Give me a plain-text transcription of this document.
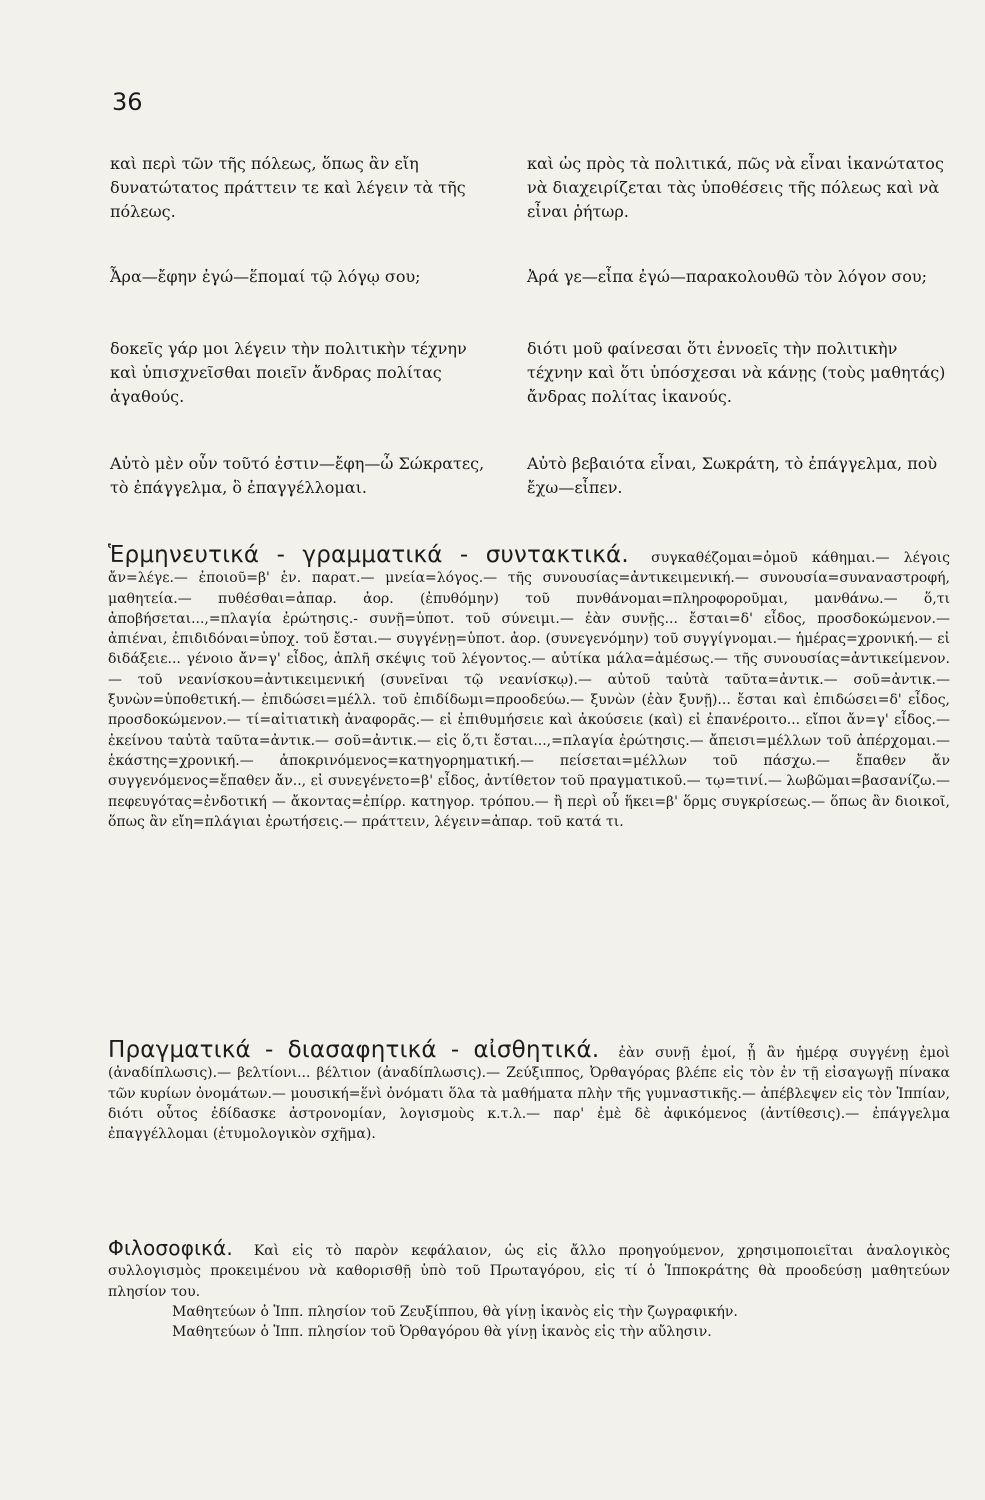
36
καὶ περὶ τῶν τῆς πόλεως, ὅπως ἂν εἴη δυνατώτατος πράττειν τε καὶ λέγειν τὰ τῆς πόλεως.
καὶ ὡς πρὸς τὰ πολιτικά, πῶς νὰ εἶναι ἱκανώτατος νὰ διαχειρίζεται τὰς ὑποθέσεις τῆς πόλεως καὶ νὰ εἶναι ῥήτωρ.
Ἆρα—ἔφην ἐγώ—ἕπομαί τῷ λόγῳ σου;	Ἀρά γε—εἶπα ἐγώ—παρακολουθῶ τὸν λόγον σου;
δοκεῖς γάρ μοι λέγειν τὴν πολιτικὴν τέχνην καὶ ὑπισχνεῖσθαι ποιεῖν ἄνδρας πολίτας ἀγαθούς.
διότι μοῦ φαίνεσαι ὅτι ἐννοεῖς τὴν πολιτικὴν τέχνην καὶ ὅτι ὑπόσχεσαι νὰ κάνῃς (τοὺς μαθητάς) ἄνδρας πολίτας ἱκανούς.
Αὐτὸ μὲν οὖν τοῦτό ἐστιν—ἔφη—ὦ Σώκρατες, τὸ ἐπάγγελμα, ὃ ἐπαγγέλλομαι.
Αὐτὸ βεβαιότα εἶναι, Σωκράτη, τὸ ἐπάγγελμα, ποὺ ἔχω—εἶπεν.
Ἑρμηνευτικά - γραμματικά - συντακτικά. συγκαθέζομαι=ὁμοῦ κάθημαι.— λέγοις ἄν=λέγε.— ἐποιοῦ=β' ἑν. παρατ.— μνεία=λόγος.— τῆς συνουσίας=ἀντικειμενική.— συνουσία=συναναστροφή, μαθητεία.— πυθέσθαι=ἀπαρ. ἀορ. (ἐπυθόμην) τοῦ πυνθάνομαι=πληροφοροῦμαι, μανθάνω.— ὅ,τι ἀποβήσεται...,=πλαγία ἐρώτησις.- συνῇ=ὑποτ. τοῦ σύνειμι.— ἐὰν συνῇς... ἔσται=δ' εἶδος, προσδοκώμενον.— ἀπιέναι, ἐπιδιδόναι=ὑποχ. τοῦ ἔσται.— συγγένῃ=ὑποτ. ἀορ. (συνεγενόμην) τοῦ συγγίγνομαι.— ἡμέρας=χρονική.— εἰ διδάξειε... γένοιο ἄν=γ' εἶδος, ἁπλῆ σκέψις τοῦ λέγοντος.— αὐτίκα μάλα=ἀμέσως.— τῆς συνουσίας=ἀντικείμενον.— τοῦ νεανίσκου=ἀντικειμενική (συνεῖναι τῷ νεανίσκῳ).— αὐτοῦ ταὐτὰ ταῦτα=ἀντικ.— σοῦ=ἀντικ.— ξυνὼν=ὑποθετική.— ἐπιδώσει=μέλλ. τοῦ ἐπιδίδωμι=προοδεύω.— ξυνὼν (ἐὰν ξυνῇ)... ἔσται καὶ ἐπιδώσει=δ' εἶδος, προσδοκώμενον.— τί=αἰτιατικὴ ἀναφορᾶς.— εἰ ἐπιθυμήσειε καὶ ἀκούσειε (καὶ) εἰ ἐπανέροιτο... εἴποι ἄν=γ' εἶδος.— ἐκείνου ταὐτὰ ταῦτα=ἀντικ.— σοῦ=ἀντικ.— εἰς ὅ,τι ἔσται...,=πλαγία ἐρώτησις.— ἄπεισι=μέλλων τοῦ ἀπέρχομαι.— ἑκάστης=χρονική.— ἀποκρινόμενος=κατηγορηματική.— πείσεται=μέλλων τοῦ πάσχω.— ἔπαθεν ἄν συγγενόμενος=ἔπαθεν ἄν.., εἰ συνεγένετο=β' εἶδος, ἀντίθετον τοῦ πραγματικοῦ.— τῳ=τινί.— λωβῶμαι=βασανίζω.— πεφευγότας=ἐνδοτική — ἄκοντας=ἐπίρρ. κατηγορ. τρόπου.— ἢ περὶ οὗ ἥκει=β' ὅρμς συγκρίσεως.— ὅπως ἂν διοικοῖ, ὅπως ἂν εἴη=πλάγιαι ἐρωτήσεις.— πράττειν, λέγειν=ἀπαρ. τοῦ κατά τι.
Πραγματικά - διασαφητικά - αἰσθητικά. ἐὰν συνῇ ἐμοί, ᾗ ἂν ἡμέρᾳ συγγένῃ ἐμοὶ (ἀναδίπλωσις).— βελτίονι... βέλτιον (ἀναδίπλωσις).— Ζεύξιππος, Ὀρθαγόρας βλέπε εἰς τὸν ἐν τῇ εἰσαγωγῇ πίνακα τῶν κυρίων ὀνομάτων.— μουσική=ἕνὶ ὀνόματι ὅλα τὰ μαθήματα πλὴν τῆς γυμναστικῆς.— ἀπέβλεψεν εἰς τὸν Ἱππίαν, διότι οὗτος ἐδίδασκε ἀστρονομίαν, λογισμοὺς κ.τ.λ.— παρ' ἐμὲ δὲ ἀφικόμενος (ἀντίθεσις).— ἐπάγγελμα ἐπαγγέλλομαι (ἐτυμολογικὸν σχῆμα).
Φιλοσοφικά. Καὶ εἰς τὸ παρὸν κεφάλαιον, ὡς εἰς ἄλλο προηγούμενον, χρησιμοποιεῖται ἀναλογικὸς συλλογισμὸς προκειμένου νὰ καθορισθῇ ὑπὸ τοῦ Πρωταγόρου, εἰς τί ὁ Ἱπποκράτης θὰ προοδεύσῃ μαθητεύων πλησίον του.
Μαθητεύων ὁ Ἱππ. πλησίον τοῦ Ζευξίππου, θὰ γίνῃ ἱκανὸς εἰς τὴν ζωγραφικήν.
Μαθητεύων ὁ Ἱππ. πλησίον τοῦ Ὀρθαγόρου θὰ γίνῃ ἱκανὸς εἰς τὴν αὔλησιν.
